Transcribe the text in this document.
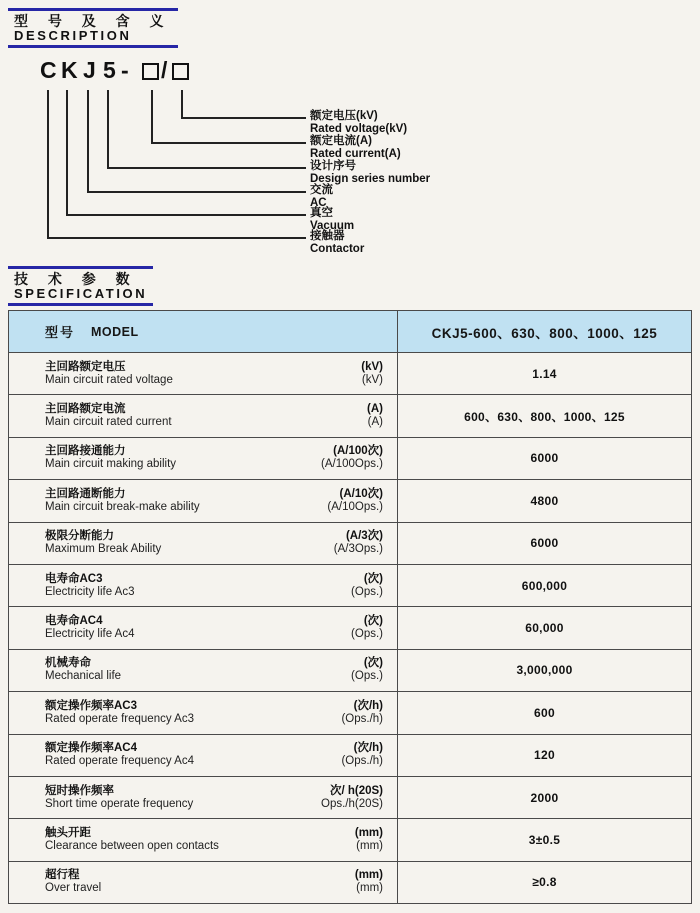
型 号 及 含 义
DESCRIPTION
C K J 5 - /
额定电压(kV)
Rated voltage(kV)
额定电流(A)
Rated current(A)
设计序号
Design series number
交流
AC
真空
Vacuum
接触器
Contactor
技 术 参 数
SPECIFICATION
型号 MODEL	CKJ5-600、630、800、1000、125
主回路额定电压
Main circuit rated voltage
(kV)
(kV)	1.14
主回路额定电流
Main circuit rated current
(A)
(A)	600、630、800、1000、125
主回路接通能力
Main circuit making ability
(A/100次)
(A/100Ops.)	6000
主回路通断能力
Main circuit break-make ability
(A/10次)
(A/10Ops.)	4800
极限分断能力
Maximum Break Ability
(A/3次)
(A/3Ops.)	6000
电寿命AC3
Electricity life Ac3
(次)
(Ops.)	600,000
电寿命AC4
Electricity life Ac4
(次)
(Ops.)	60,000
机械寿命
Mechanical life
(次)
(Ops.)	3,000,000
额定操作频率AC3
Rated operate frequency Ac3
(次/h)
(Ops./h)	600
额定操作频率AC4
Rated operate frequency Ac4
(次/h)
(Ops./h)	120
短时操作频率
Short time operate frequency
次/ h(20S)
Ops./h(20S)	2000
触头开距
Clearance between open contacts
(mm)
(mm)	3±0.5
超行程
Over travel
(mm)
(mm)	≥0.8
